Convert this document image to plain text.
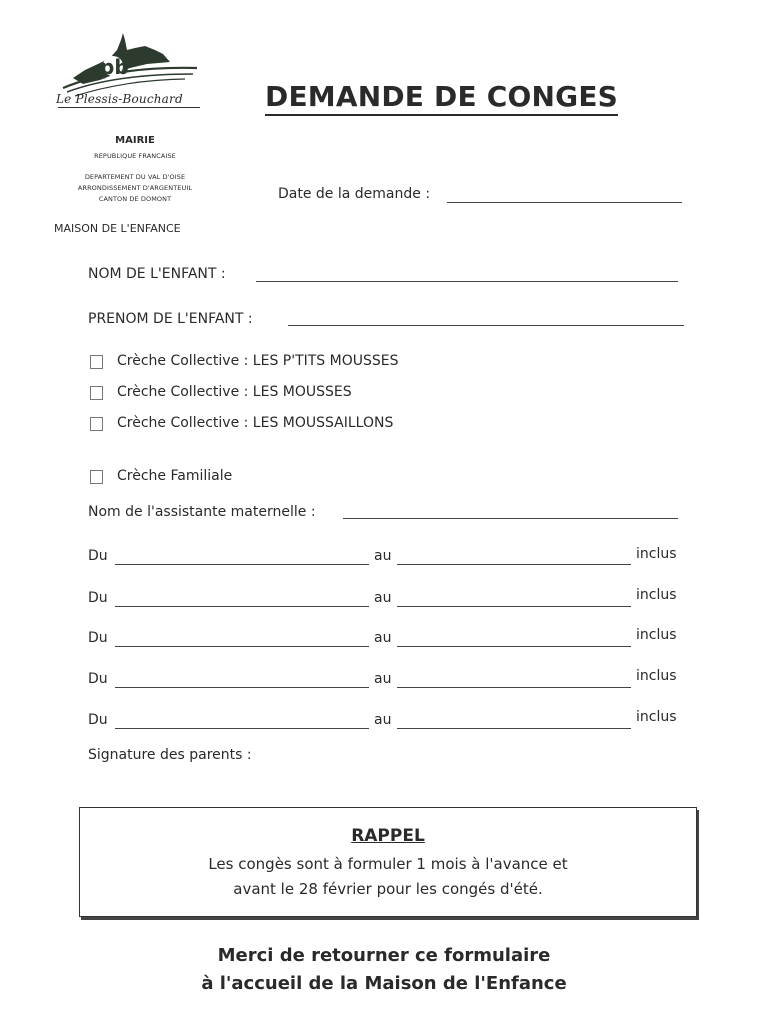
pb
Le Plessis-Bouchard
MAIRIE
REPUBLIQUE FRANCAISE
DEPARTEMENT DU VAL D'OISE
ARRONDISSEMENT D'ARGENTEUIL
CANTON DE DOMONT
MAISON DE L'ENFANCE
DEMANDE DE CONGES
Date de la demande :
NOM DE L'ENFANT :
PRENOM DE L'ENFANT :
Crèche Collective : LES P'TITS MOUSSES
Crèche Collective : LES MOUSSES
Crèche Collective : LES MOUSSAILLONS
Crèche Familiale
Nom de l'assistante maternelle :
Du	au	inclus
Du	au	inclus
Du	au	inclus
Du	au	inclus
Du	au	inclus
Signature des parents :
RAPPEL
Les congès sont à formuler 1 mois à l'avance et
avant le 28 février pour les congés d'été.
Merci de retourner ce formulaire
à l'accueil de la Maison de l'Enfance
